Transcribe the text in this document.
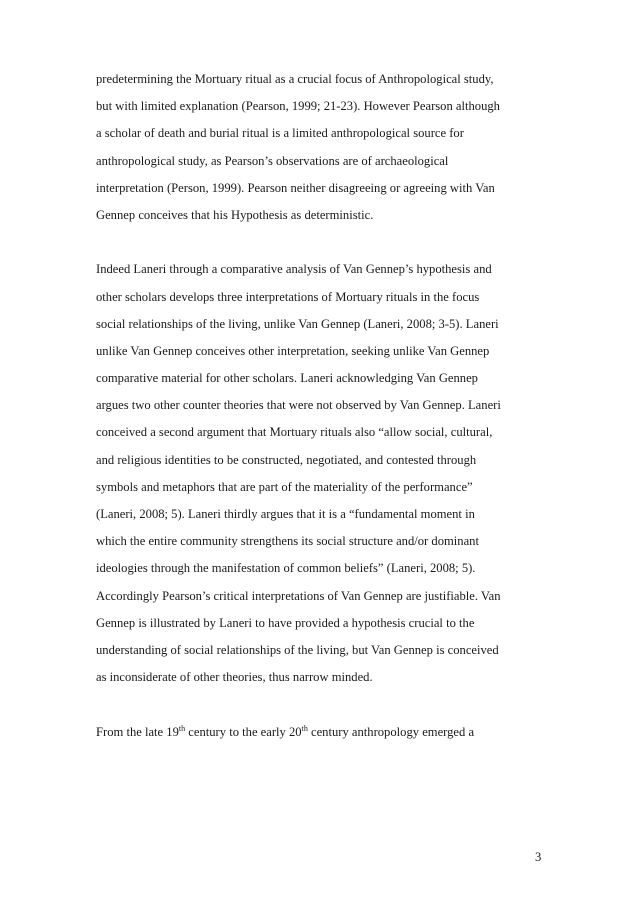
predetermining the Mortuary ritual as a crucial focus of Anthropological study,
but with limited explanation (Pearson, 1999; 21-23). However Pearson although
a scholar of death and burial ritual is a limited anthropological source for
anthropological study, as Pearson’s observations are of archaeological
interpretation (Person, 1999). Pearson neither disagreeing or agreeing with Van
Gennep conceives that his Hypothesis as deterministic.
Indeed Laneri through a comparative analysis of Van Gennep’s hypothesis and
other scholars develops three interpretations of Mortuary rituals in the focus
social relationships of the living, unlike Van Gennep (Laneri, 2008; 3-5). Laneri
unlike Van Gennep conceives other interpretation, seeking unlike Van Gennep
comparative material for other scholars. Laneri acknowledging Van Gennep
argues two other counter theories that were not observed by Van Gennep. Laneri
conceived a second argument that Mortuary rituals also “allow social, cultural,
and religious identities to be constructed, negotiated, and contested through
symbols and metaphors that are part of the materiality of the performance”
(Laneri, 2008; 5). Laneri thirdly argues that it is a “fundamental moment in
which the entire community strengthens its social structure and/or dominant
ideologies through the manifestation of common beliefs” (Laneri, 2008; 5).
Accordingly Pearson’s critical interpretations of Van Gennep are justifiable. Van
Gennep is illustrated by Laneri to have provided a hypothesis crucial to the
understanding of social relationships of the living, but Van Gennep is conceived
as inconsiderate of other theories, thus narrow minded.
From the late 19th century to the early 20th century anthropology emerged a
3
